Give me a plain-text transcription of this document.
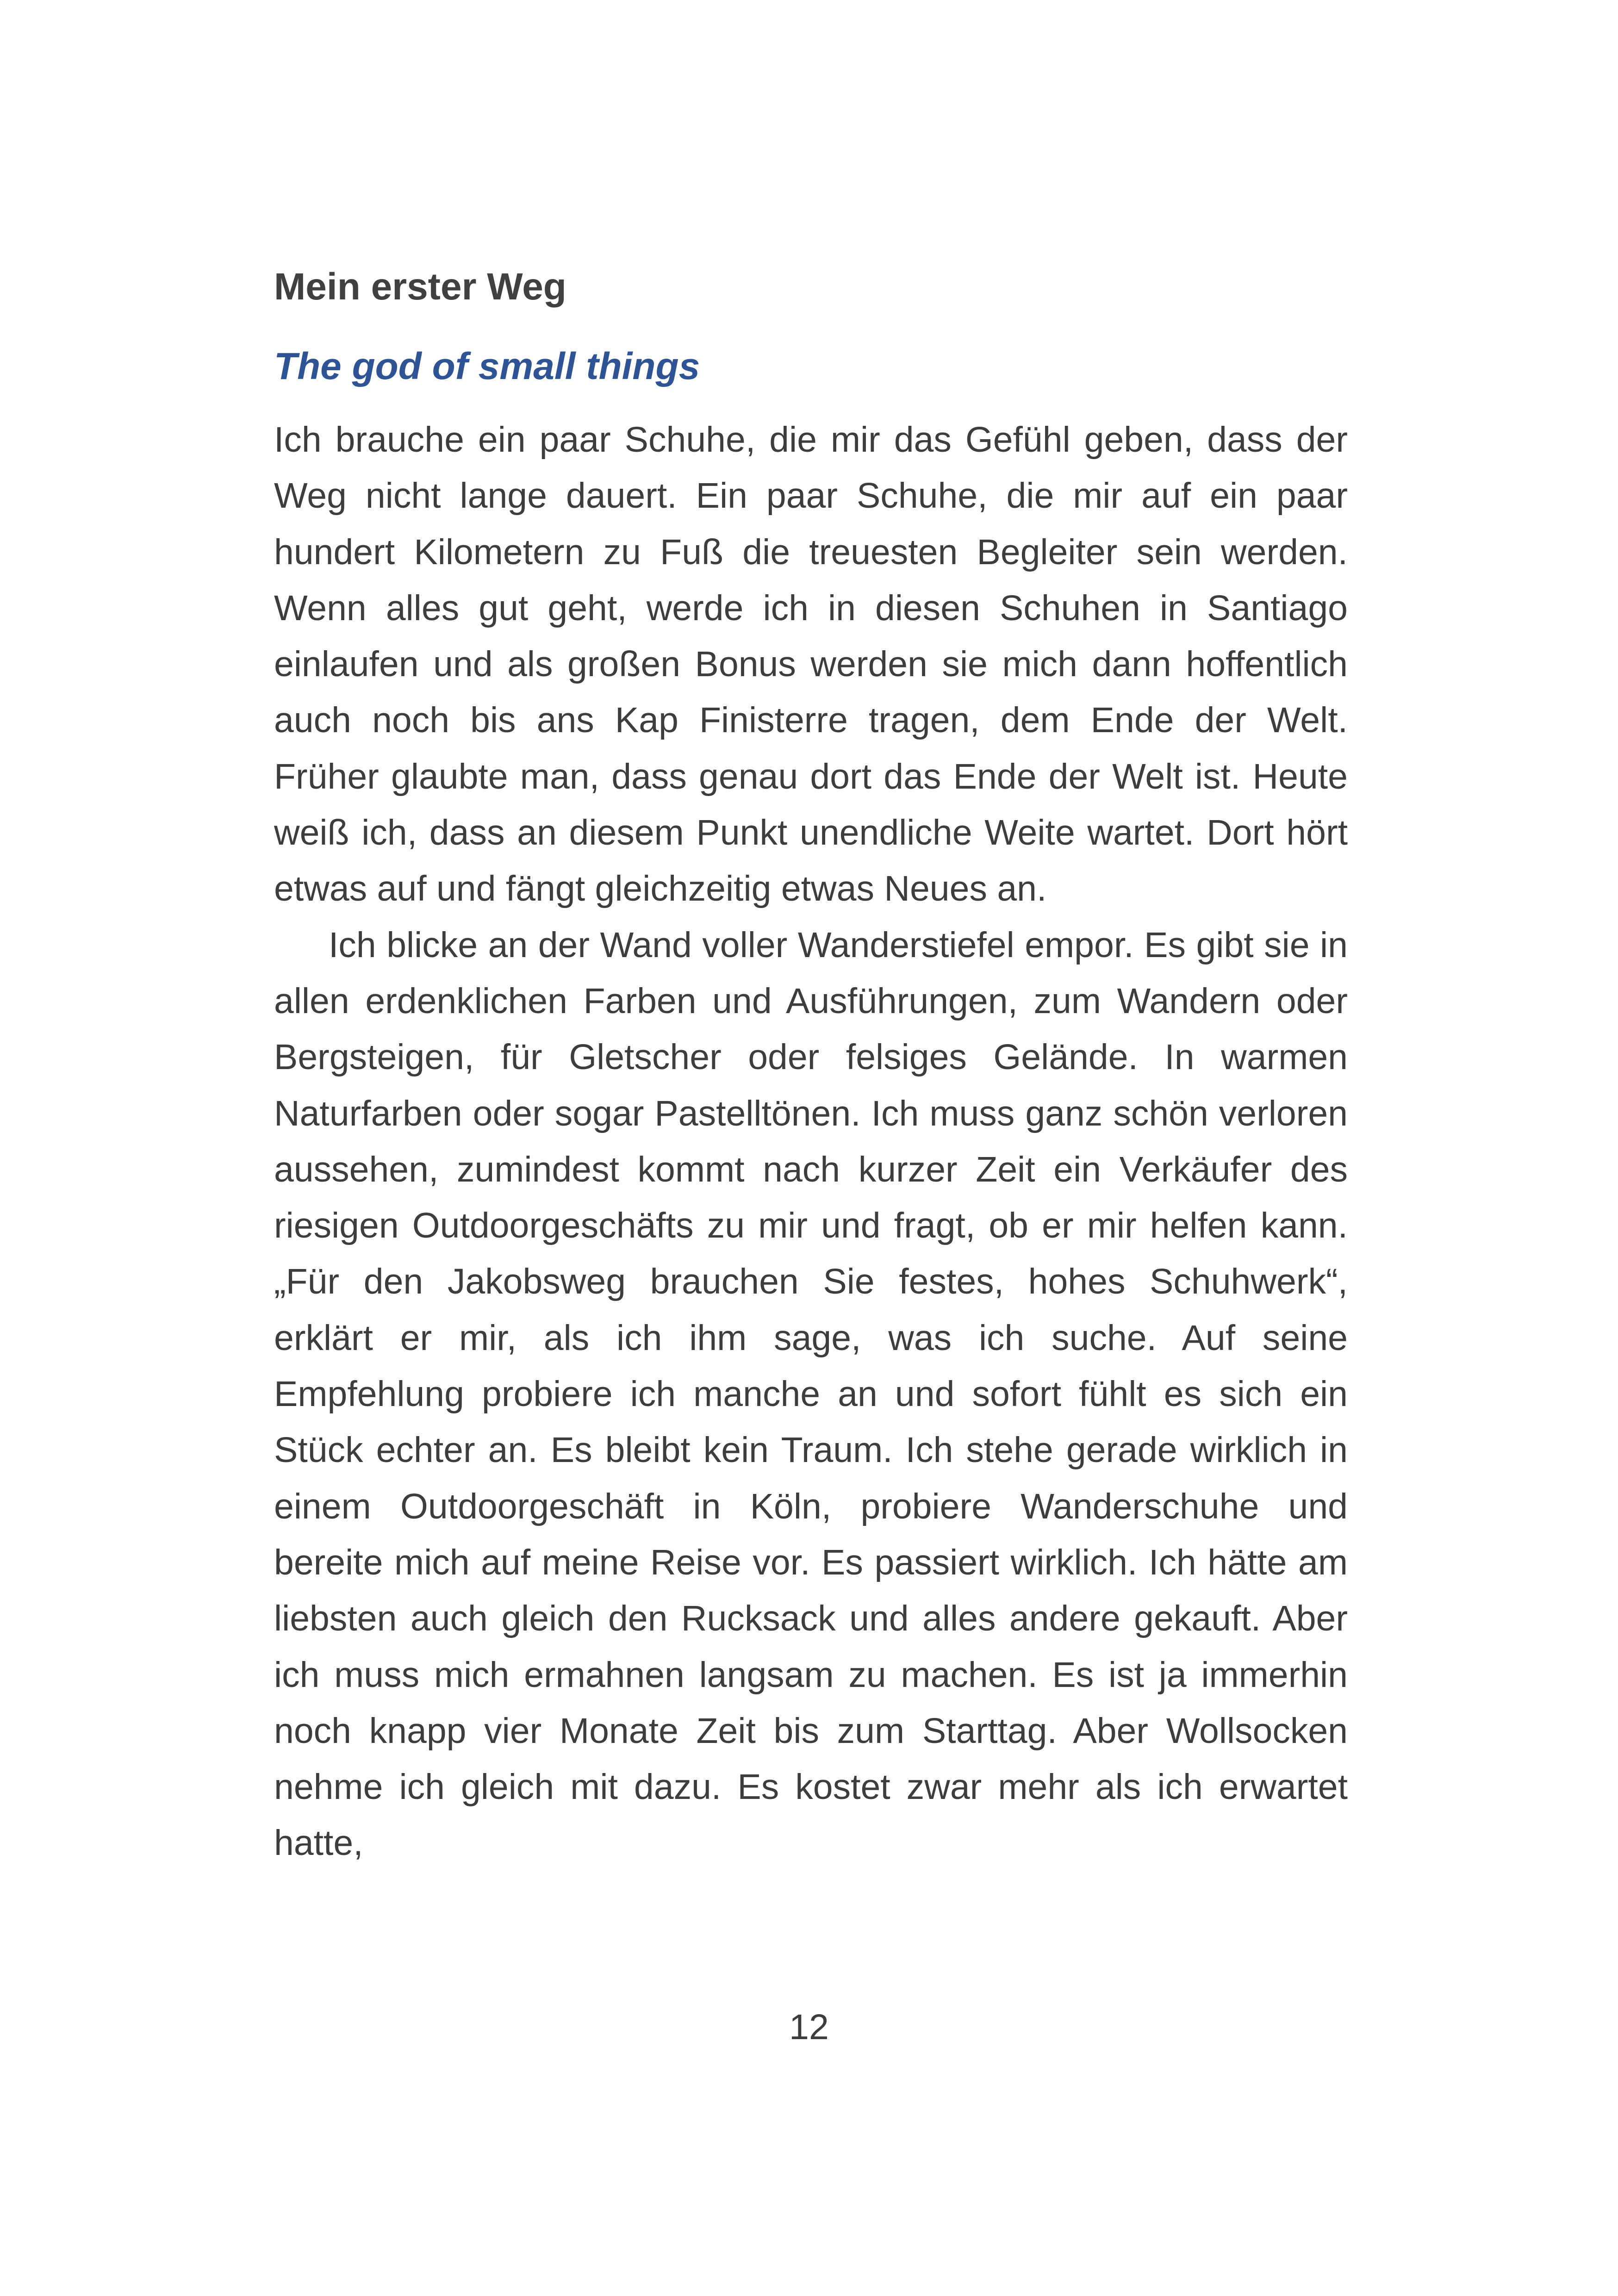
Mein erster Weg
The god of small things

Ich brauche ein paar Schuhe, die mir das Gefühl geben, dass der Weg nicht lange dauert. Ein paar Schuhe, die mir auf ein paar hundert Kilometern zu Fuß die treuesten Begleiter sein werden. Wenn alles gut geht, werde ich in diesen Schuhen in Santiago einlaufen und als großen Bonus werden sie mich dann hoffentlich auch noch bis ans Kap Finisterre tragen, dem Ende der Welt. Früher glaubte man, dass genau dort das Ende der Welt ist. Heute weiß ich, dass an diesem Punkt unendliche Weite wartet. Dort hört etwas auf und fängt gleichzeitig etwas Neues an.

Ich blicke an der Wand voller Wanderstiefel empor. Es gibt sie in allen erdenklichen Farben und Ausführungen, zum Wandern oder Bergsteigen, für Gletscher oder felsiges Gelände. In warmen Naturfarben oder sogar Pastelltönen. Ich muss ganz schön verloren aussehen, zumindest kommt nach kurzer Zeit ein Verkäufer des riesigen Outdoorgeschäfts zu mir und fragt, ob er mir helfen kann. „Für den Jakobsweg brauchen Sie festes, hohes Schuhwerk“, erklärt er mir, als ich ihm sage, was ich suche. Auf seine Empfehlung probiere ich manche an und sofort fühlt es sich ein Stück echter an. Es bleibt kein Traum. Ich stehe gerade wirklich in einem Outdoorgeschäft in Köln, probiere Wanderschuhe und bereite mich auf meine Reise vor. Es passiert wirklich. Ich hätte am liebsten auch gleich den Rucksack und alles andere gekauft. Aber ich muss mich ermahnen langsam zu machen. Es ist ja immerhin noch knapp vier Monate Zeit bis zum Starttag. Aber Wollsocken nehme ich gleich mit dazu. Es kostet zwar mehr als ich erwartet hatte,

12
